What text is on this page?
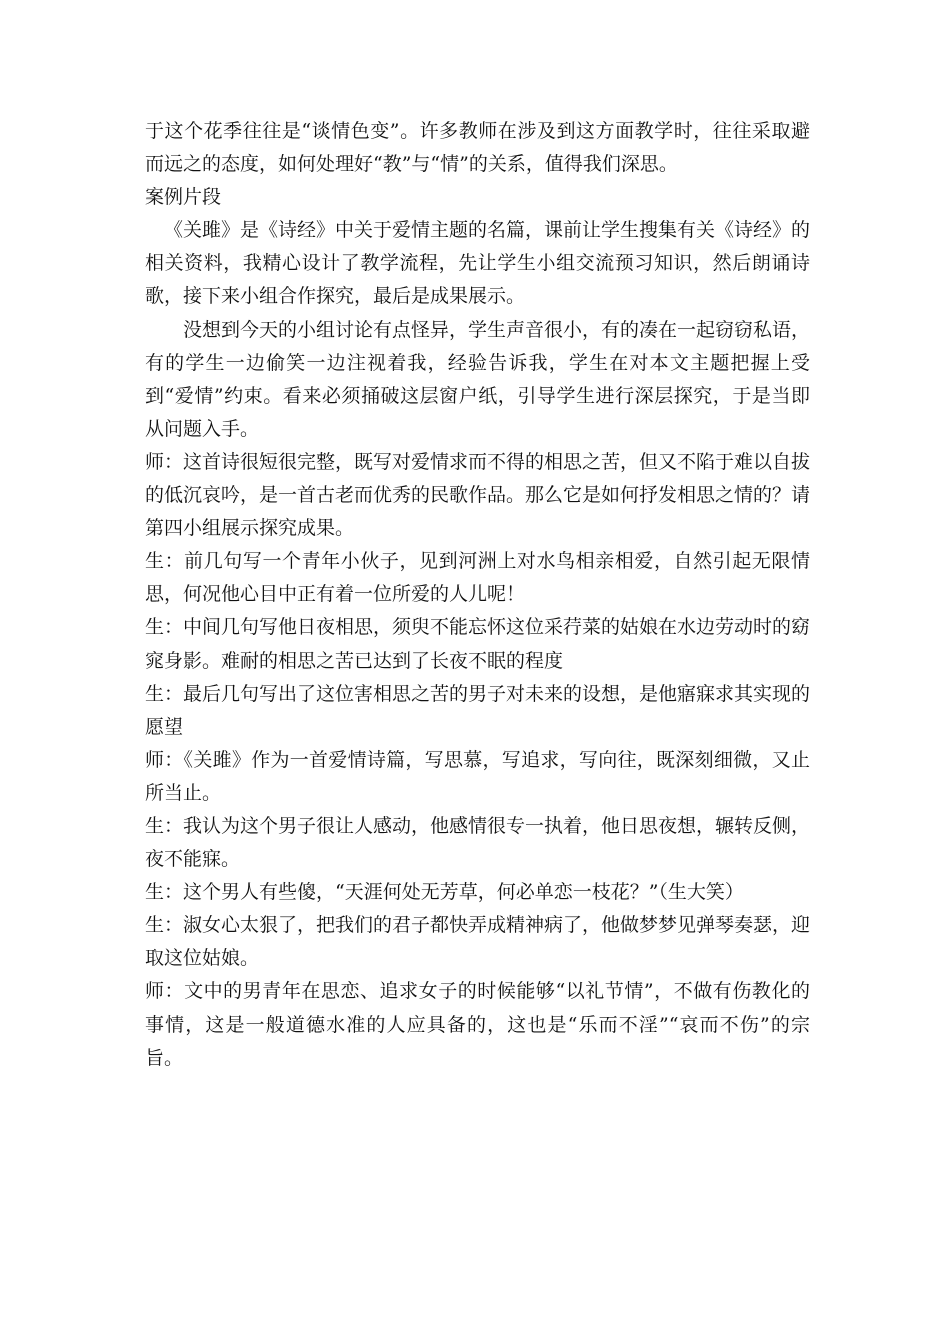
于这个花季往往是“谈情色变”。许多教师在涉及到这方面教学时，往往采取避而远之的态度，如何处理好“教”与“情”的关系，值得我们深思。

案例片段

《关雎》是《诗经》中关于爱情主题的名篇，课前让学生搜集有关《诗经》的相关资料，我精心设计了教学流程，先让学生小组交流预习知识，然后朗诵诗歌，接下来小组合作探究，最后是成果展示。

没想到今天的小组讨论有点怪异，学生声音很小，有的凑在一起窃窃私语，有的学生一边偷笑一边注视着我，经验告诉我，学生在对本文主题把握上受到“爱情”约束。看来必须捅破这层窗户纸，引导学生进行深层探究，于是当即从问题入手。

师：这首诗很短很完整，既写对爱情求而不得的相思之苦，但又不陷于难以自拔的低沉哀吟，是一首古老而优秀的民歌作品。那么它是如何抒发相思之情的？请第四小组展示探究成果。

生：前几句写一个青年小伙子，见到河洲上对水鸟相亲相爱，自然引起无限情思，何况他心目中正有着一位所爱的人儿呢！

生：中间几句写他日夜相思，须臾不能忘怀这位采荇菜的姑娘在水边劳动时的窈窕身影。难耐的相思之苦已达到了长夜不眠的程度

生：最后几句写出了这位害相思之苦的男子对未来的设想，是他寤寐求其实现的愿望

师：《关雎》作为一首爱情诗篇，写思慕，写追求，写向往，既深刻细微，又止所当止。

生：我认为这个男子很让人感动，他感情很专一执着，他日思夜想，辗转反侧，夜不能寐。

生：这个男人有些傻，“天涯何处无芳草，何必单恋一枝花？”（生大笑）

生：淑女心太狠了，把我们的君子都快弄成精神病了，他做梦梦见弹琴奏瑟，迎取这位姑娘。

师：文中的男青年在思恋、追求女子的时候能够“以礼节情”，不做有伤教化的事情，这是一般道德水准的人应具备的，这也是“乐而不淫”“哀而不伤”的宗旨。
